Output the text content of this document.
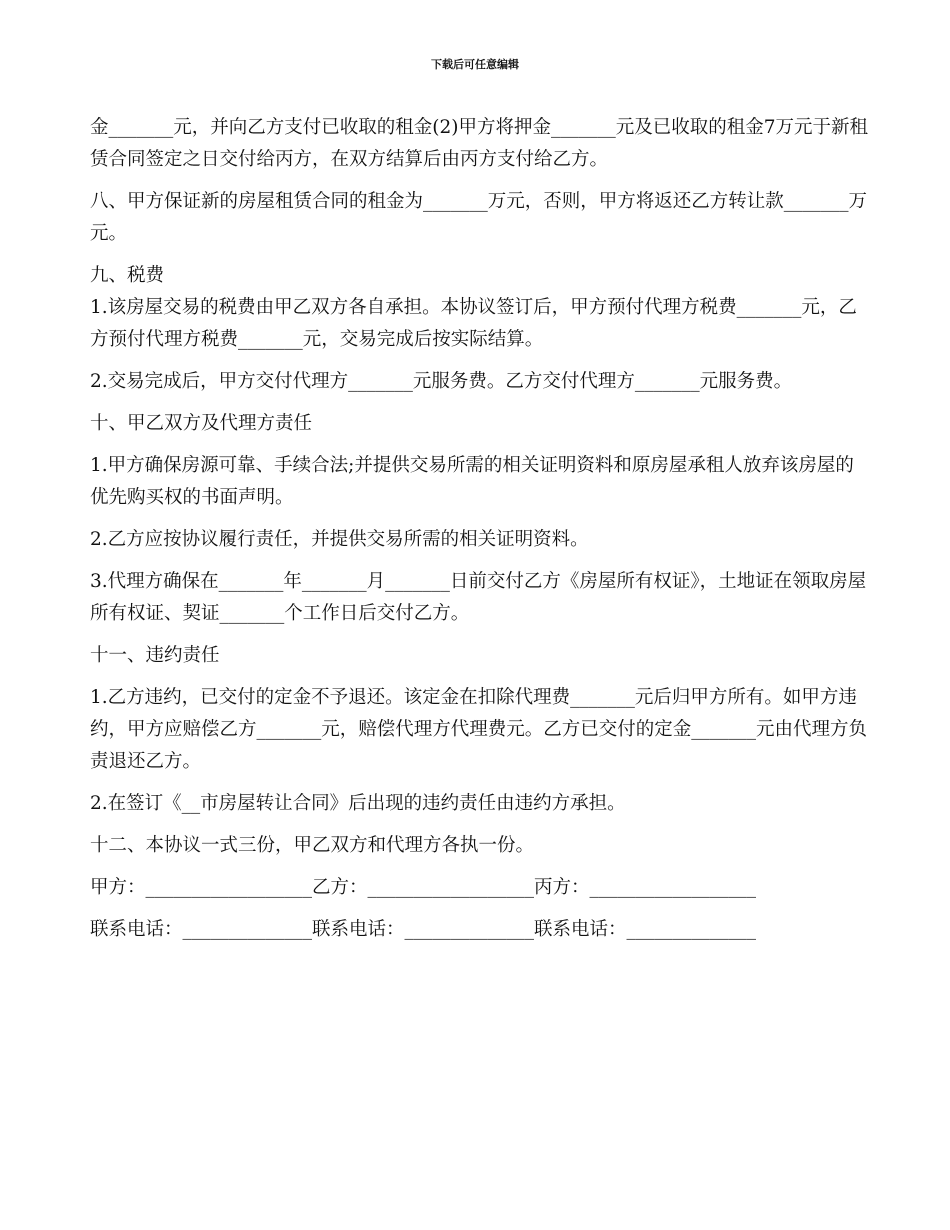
下载后可任意编辑

金_______元，并向乙方支付已收取的租金(2)甲方将押金_______元及已收取的租金7万元于新租赁合同签定之日交付给丙方，在双方结算后由丙方支付给乙方。

八、甲方保证新的房屋租赁合同的租金为_______万元，否则，甲方将返还乙方转让款_______万元。

九、税费

1.该房屋交易的税费由甲乙双方各自承担。本协议签订后，甲方预付代理方税费_______元，乙方预付代理方税费_______元，交易完成后按实际结算。

2.交易完成后，甲方交付代理方_______元服务费。乙方交付代理方_______元服务费。

十、甲乙双方及代理方责任

1.甲方确保房源可靠、手续合法;并提供交易所需的相关证明资料和原房屋承租人放弃该房屋的优先购买权的书面声明。

2.乙方应按协议履行责任，并提供交易所需的相关证明资料。

3.代理方确保在_______年_______月_______日前交付乙方《房屋所有权证》，土地证在领取房屋所有权证、契证_______个工作日后交付乙方。

十一、违约责任

1.乙方违约，已交付的定金不予退还。该定金在扣除代理费_______元后归甲方所有。如甲方违约，甲方应赔偿乙方_______元，赔偿代理方代理费元。乙方已交付的定金_______元由代理方负责退还乙方。

2.在签订《__市房屋转让合同》后出现的违约责任由违约方承担。

十二、本协议一式三份，甲乙双方和代理方各执一份。

甲方：__________________乙方：__________________丙方：__________________

联系电话：______________联系电话：______________联系电话：______________
